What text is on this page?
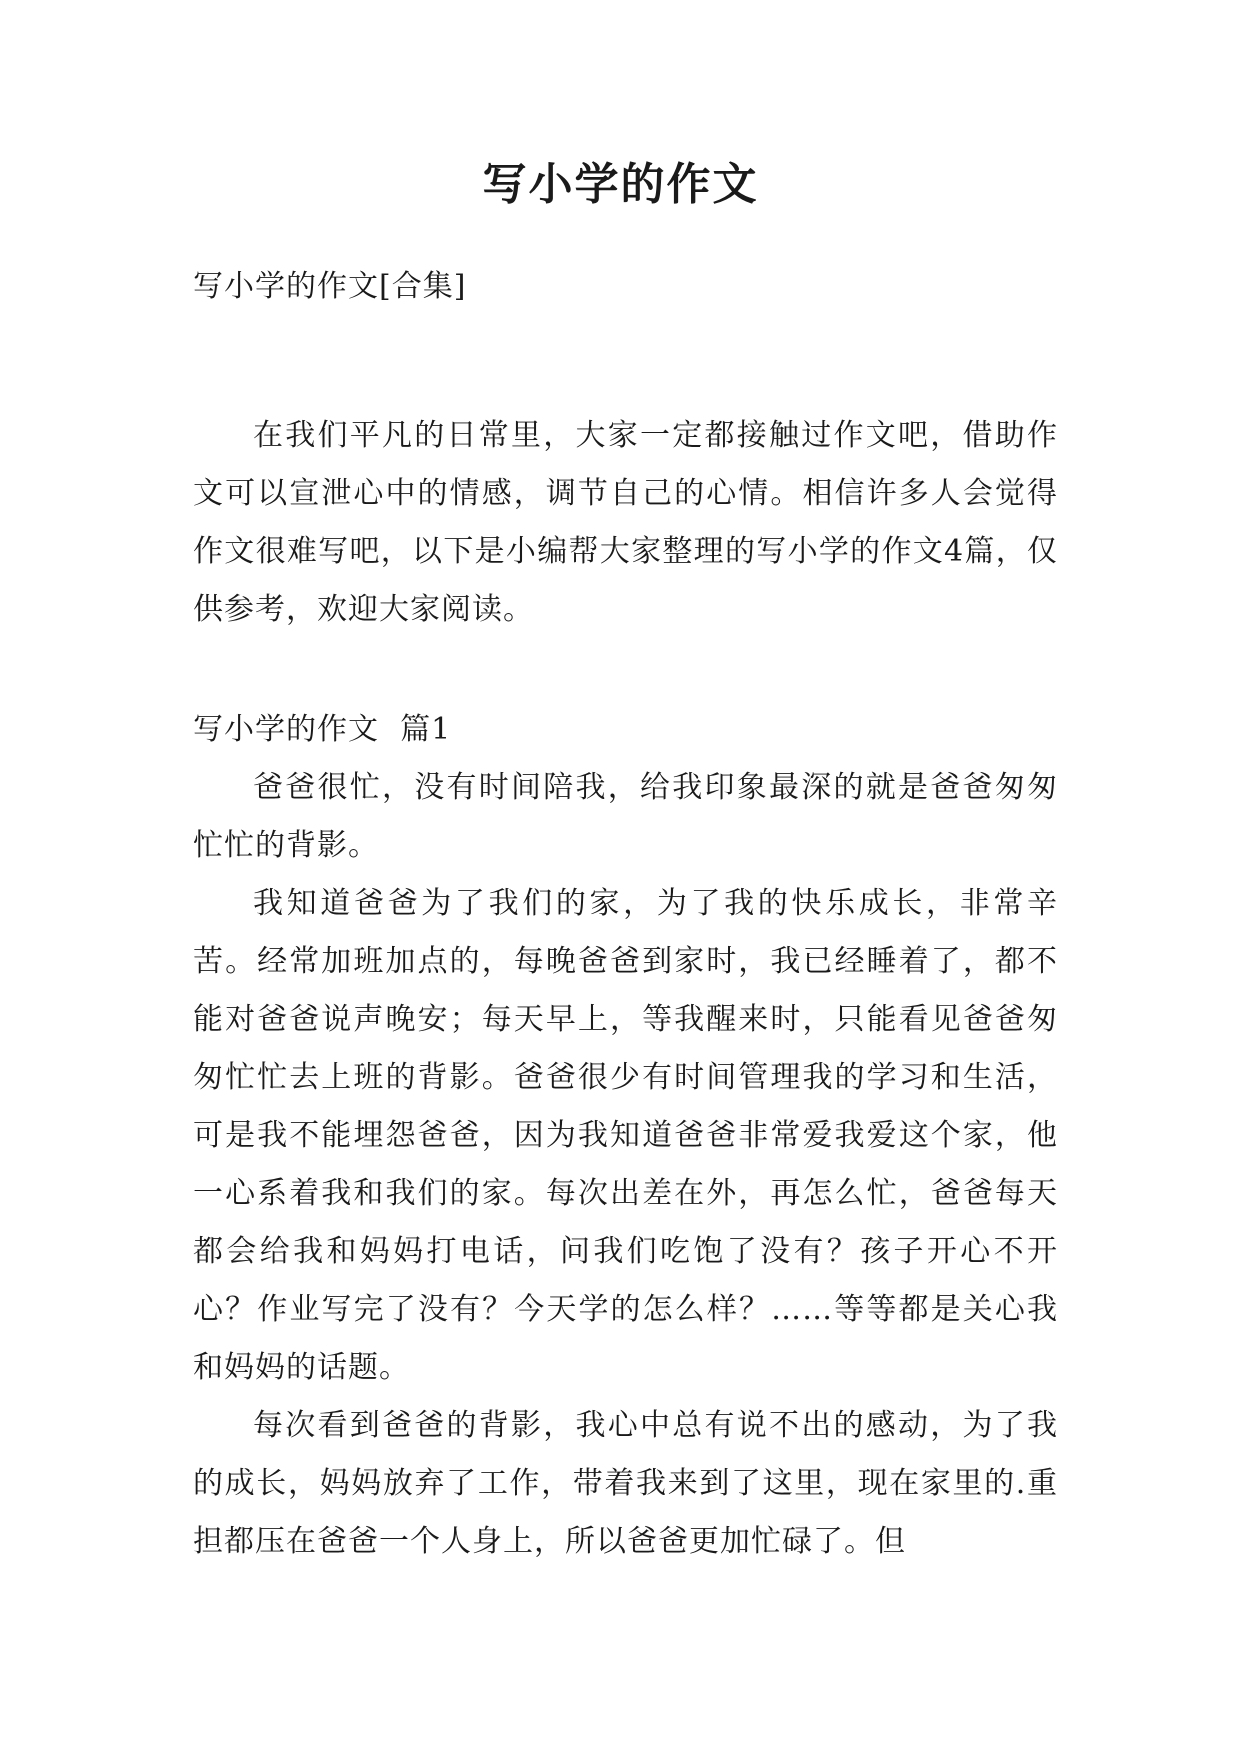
写小学的作文

写小学的作文[合集]

在我们平凡的日常里，大家一定都接触过作文吧，借助作文可以宣泄心中的情感，调节自己的心情。相信许多人会觉得作文很难写吧，以下是小编帮大家整理的写小学的作文4篇，仅供参考，欢迎大家阅读。

写小学的作文  篇1

爸爸很忙，没有时间陪我，给我印象最深的就是爸爸匆匆忙忙的背影。

我知道爸爸为了我们的家，为了我的快乐成长，非常辛苦。经常加班加点的，每晚爸爸到家时，我已经睡着了，都不能对爸爸说声晚安；每天早上，等我醒来时，只能看见爸爸匆匆忙忙去上班的背影。爸爸很少有时间管理我的学习和生活，可是我不能埋怨爸爸，因为我知道爸爸非常爱我爱这个家，他一心系着我和我们的家。每次出差在外，再怎么忙，爸爸每天都会给我和妈妈打电话，问我们吃饱了没有？孩子开心不开心？作业写完了没有？今天学的怎么样？……等等都是关心我和妈妈的话题。

每次看到爸爸的背影，我心中总有说不出的感动，为了我的成长，妈妈放弃了工作，带着我来到了这里，现在家里的.重担都压在爸爸一个人身上，所以爸爸更加忙碌了。但
